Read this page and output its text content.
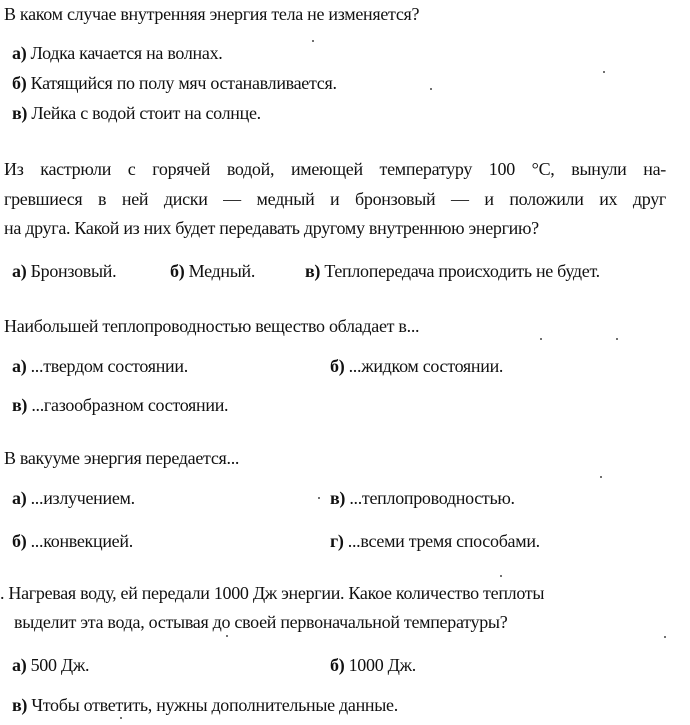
В каком случае внутренняя энергия тела не изменяется?
а) Лодка качается на волнах.
б) Катящийся по полу мяч останавливается.
в) Лейка с водой стоит на солнце.
Из кастрюли с горячей водой, имеющей температуру 100 °С, вынули на-
гревшиеся в ней диски — медный и бронзовый — и положили их друг
на друга. Какой из них будет передавать другому внутреннюю энергию?
а) Бронзовый.	б) Медный.	в) Теплопередача происходить не будет.
Наибольшей теплопроводностью вещество обладает в...
а) ...твердом состоянии.	б) ...жидком состоянии.
в) ...газообразном состоянии.
В вакууме энергия передается...
а) ...излучением.	в) ...теплопроводностью.
б) ...конвекцией.	г) ...всеми тремя способами.
. Нагревая воду, ей передали 1000 Дж энергии. Какое количество теплоты
выделит эта вода, остывая до своей первоначальной температуры?
а) 500 Дж.	б) 1000 Дж.
в) Чтобы ответить, нужны дополнительные данные.
